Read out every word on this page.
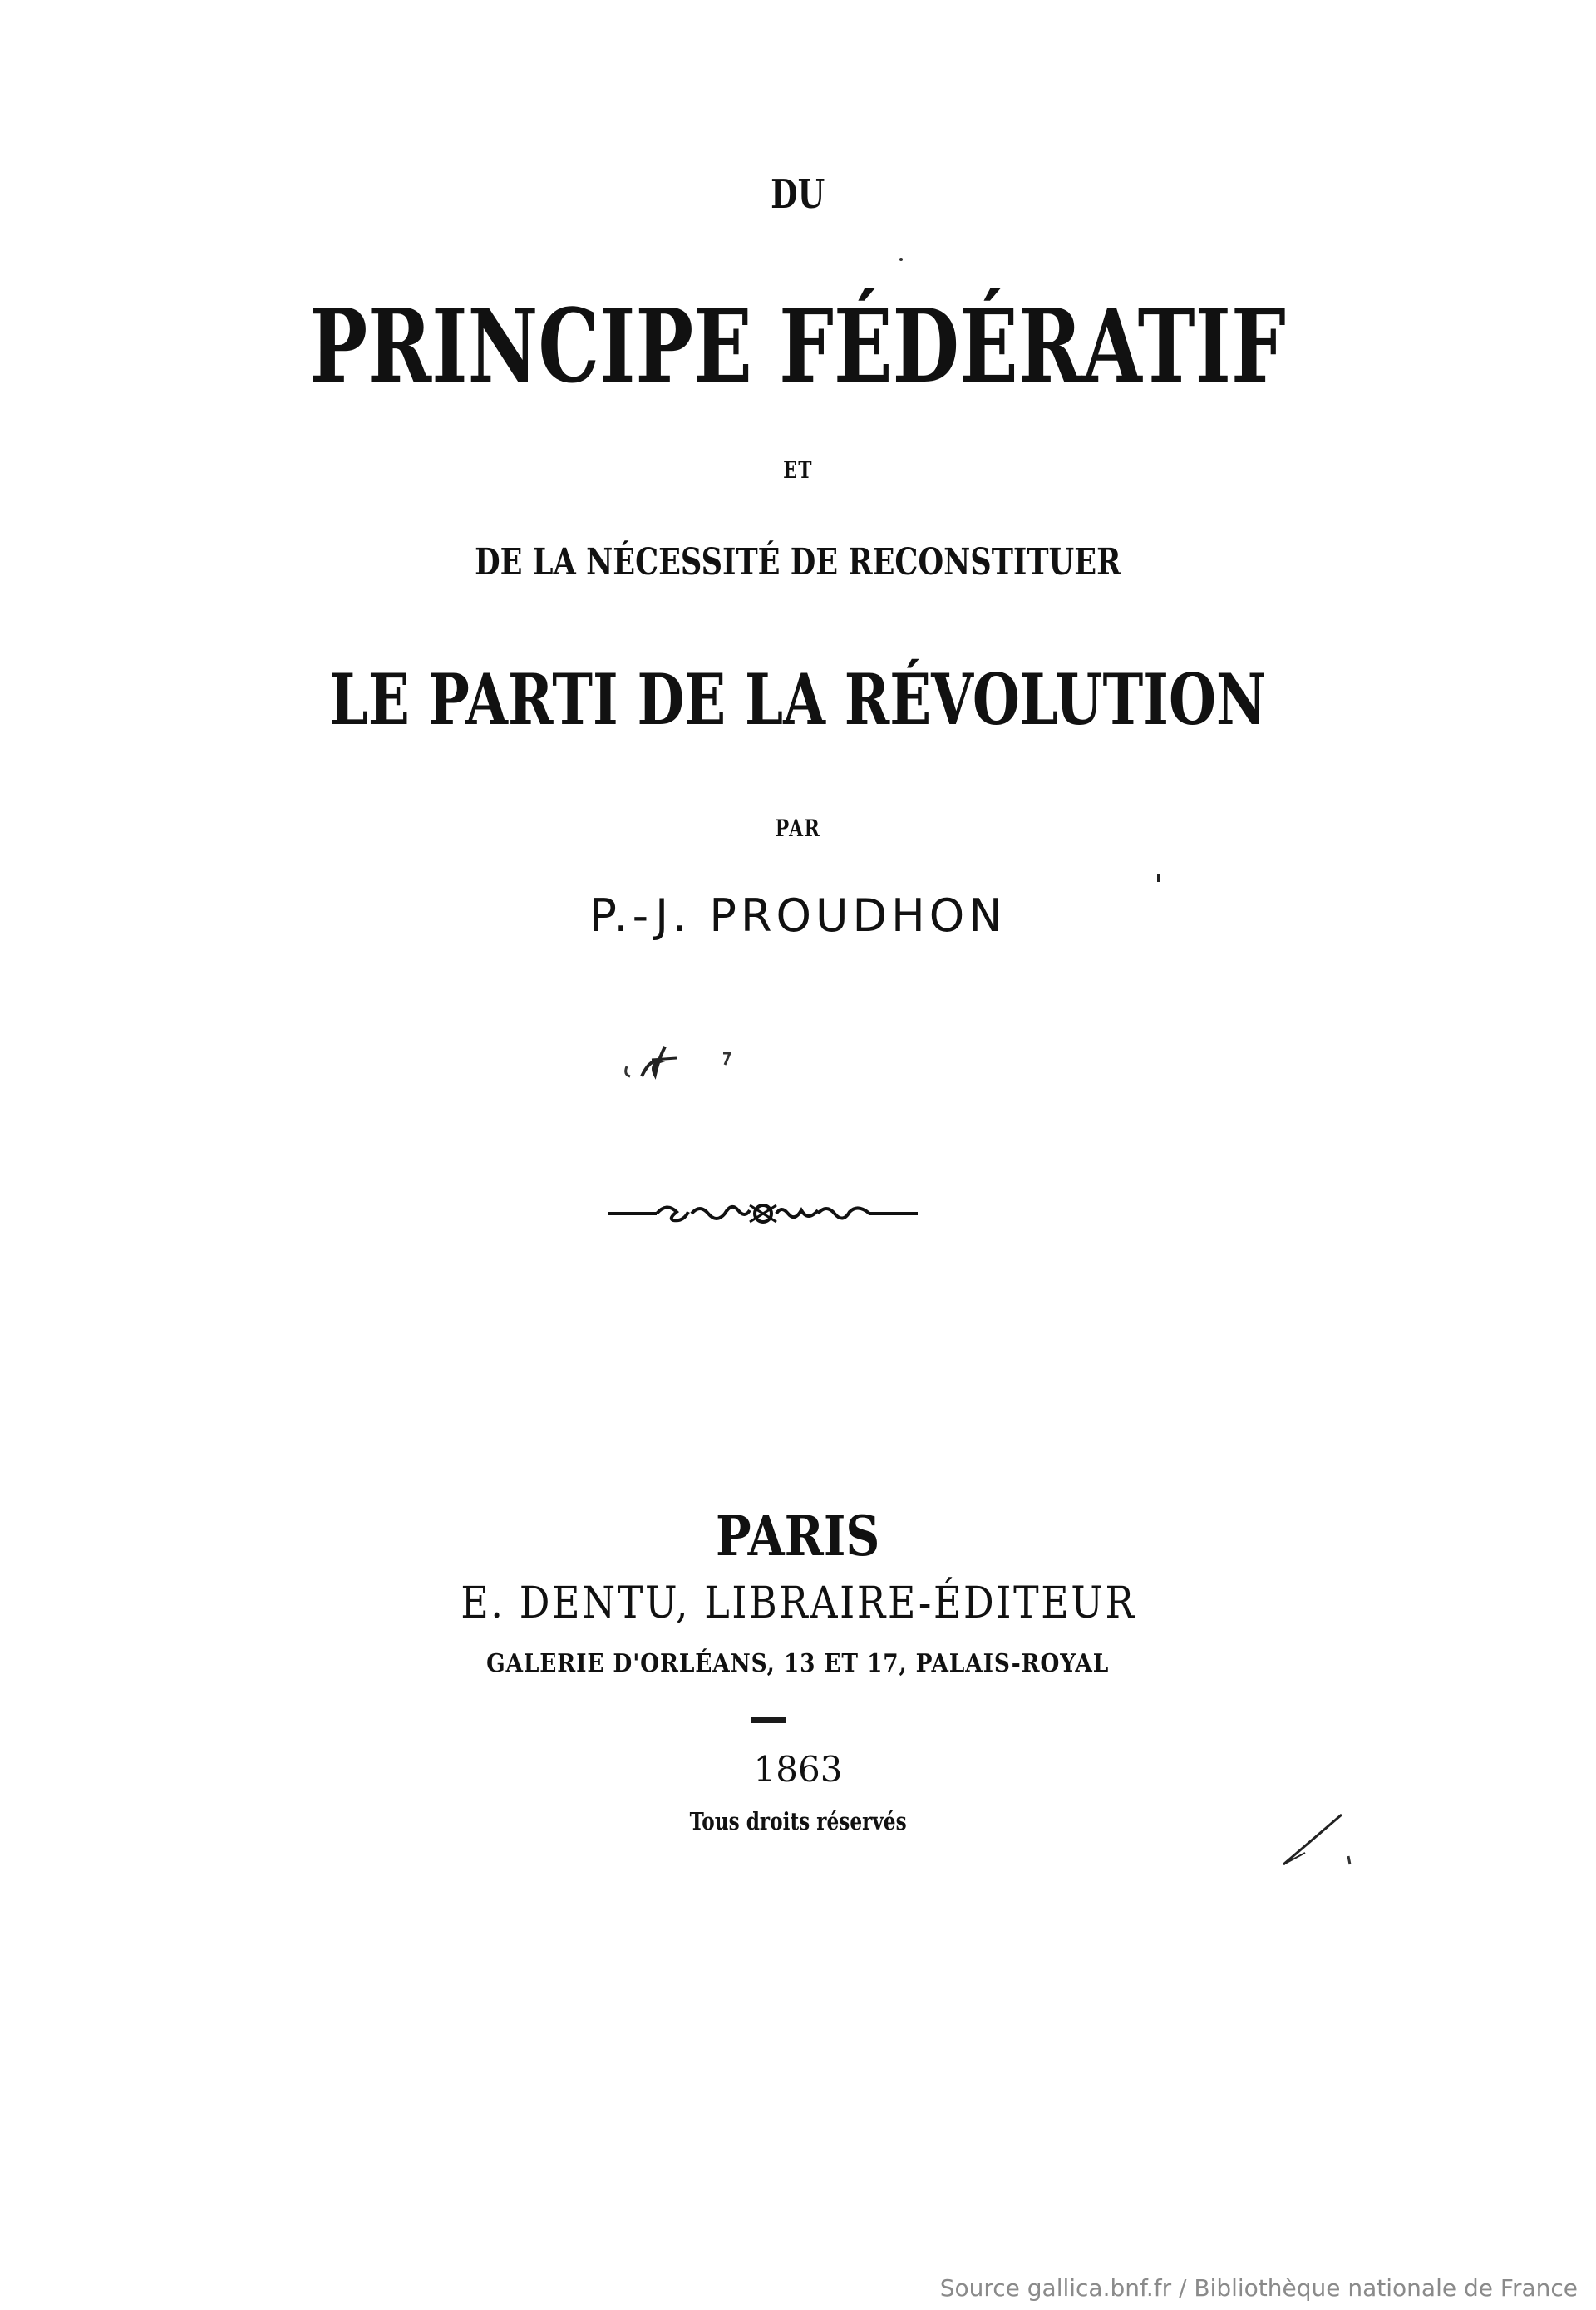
DU
PRINCIPE FÉDÉRATIF
ET
DE LA NÉCESSITÉ DE RECONSTITUER
LE PARTI DE LA RÉVOLUTION
PAR
P.-J. PROUDHON
PARIS
E. DENTU, LIBRAIRE-ÉDITEUR
GALERIE D'ORLÉANS, 13 ET 17, PALAIS-ROYAL
1863
Tous droits réservés
Source gallica.bnf.fr / Bibliothèque nationale de France
